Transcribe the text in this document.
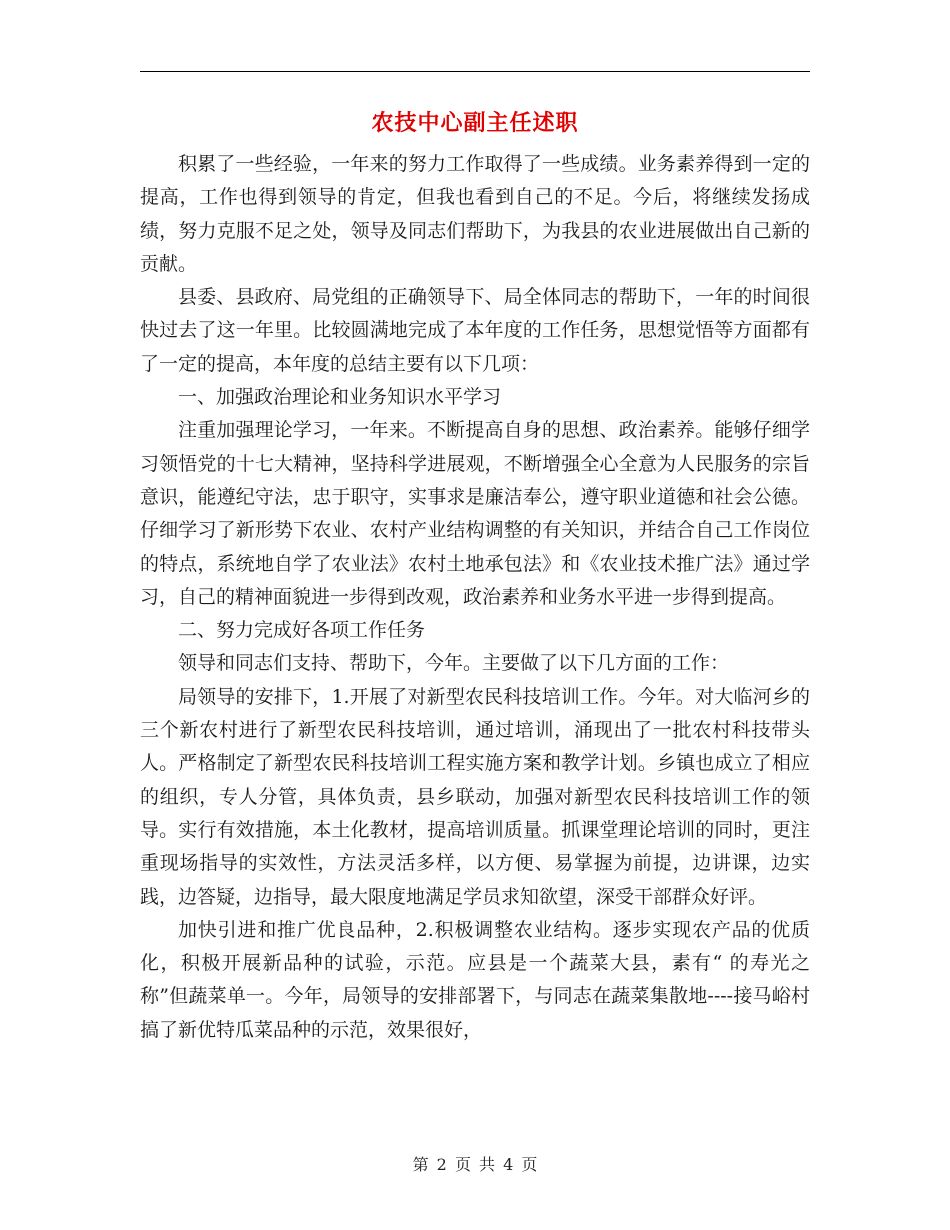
农技中心副主任述职

积累了一些经验，一年来的努力工作取得了一些成绩。业务素养得到一定的提高，工作也得到领导的肯定，但我也看到自己的不足。今后，将继续发扬成绩，努力克服不足之处，领导及同志们帮助下，为我县的农业进展做出自己新的贡献。

县委、县政府、局党组的正确领导下、局全体同志的帮助下，一年的时间很快过去了这一年里。比较圆满地完成了本年度的工作任务，思想觉悟等方面都有了一定的提高，本年度的总结主要有以下几项：

一、加强政治理论和业务知识水平学习

注重加强理论学习，一年来。不断提高自身的思想、政治素养。能够仔细学习领悟党的十七大精神，坚持科学进展观，不断增强全心全意为人民服务的宗旨意识，能遵纪守法，忠于职守，实事求是廉洁奉公，遵守职业道德和社会公德。仔细学习了新形势下农业、农村产业结构调整的有关知识，并结合自己工作岗位的特点，系统地自学了农业法》农村土地承包法》和《农业技术推广法》通过学习，自己的精神面貌进一步得到改观，政治素养和业务水平进一步得到提高。

二、努力完成好各项工作任务

领导和同志们支持、帮助下，今年。主要做了以下几方面的工作：

局领导的安排下，1.开展了对新型农民科技培训工作。今年。对大临河乡的三个新农村进行了新型农民科技培训，通过培训，涌现出了一批农村科技带头人。严格制定了新型农民科技培训工程实施方案和教学计划。乡镇也成立了相应的组织，专人分管，具体负责，县乡联动，加强对新型农民科技培训工作的领导。实行有效措施，本土化教材，提高培训质量。抓课堂理论培训的同时，更注重现场指导的实效性，方法灵活多样，以方便、易掌握为前提，边讲课，边实践，边答疑，边指导，最大限度地满足学员求知欲望，深受干部群众好评。

加快引进和推广优良品种，2.积极调整农业结构。逐步实现农产品的优质化，积极开展新品种的试验，示范。应县是一个蔬菜大县，素有“ 的寿光之称”但蔬菜单一。今年，局领导的安排部署下，与同志在蔬菜集散地----接马峪村搞了新优特瓜菜品种的示范，效果很好，

第 2 页 共 4 页
